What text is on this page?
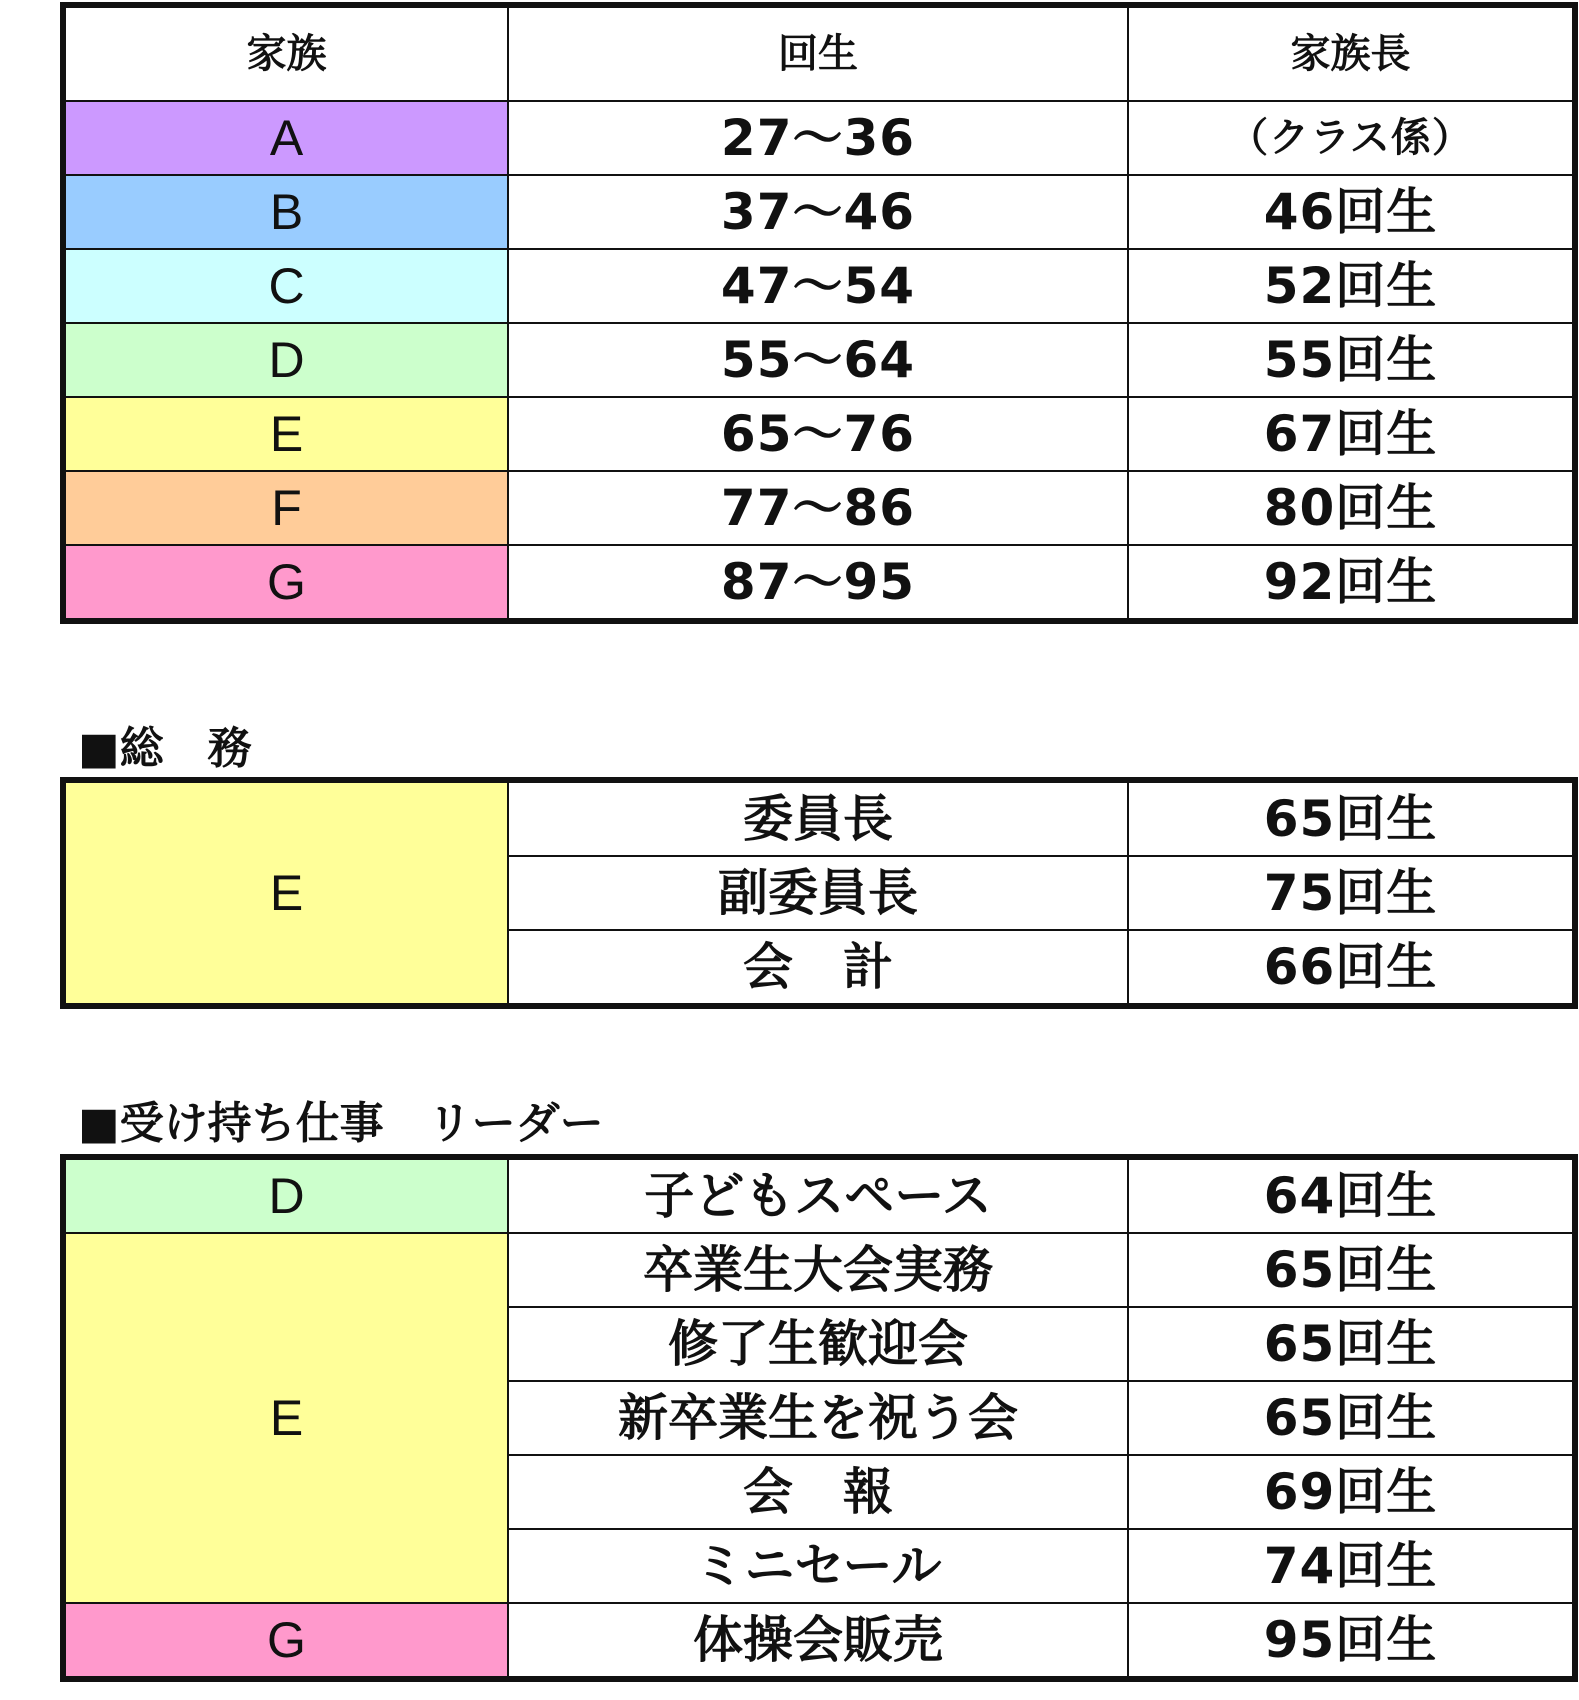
家族	回生	家族長
A	27～36	（クラス係）
B	37～46	46回生
C	47～54	52回生
D	55～64	55回生
E	65～76	67回生
F	77～86	80回生
G	87～95	92回生

■総　務

E	委員長	65回生
	副委員長	75回生
	会　計	66回生

■受け持ち仕事　リーダー

D	子どもスペース	64回生
E	卒業生大会実務	65回生
	修了生歓迎会	65回生
	新卒業生を祝う会	65回生
	会　報	69回生
	ミニセール	74回生
G	体操会販売	95回生
